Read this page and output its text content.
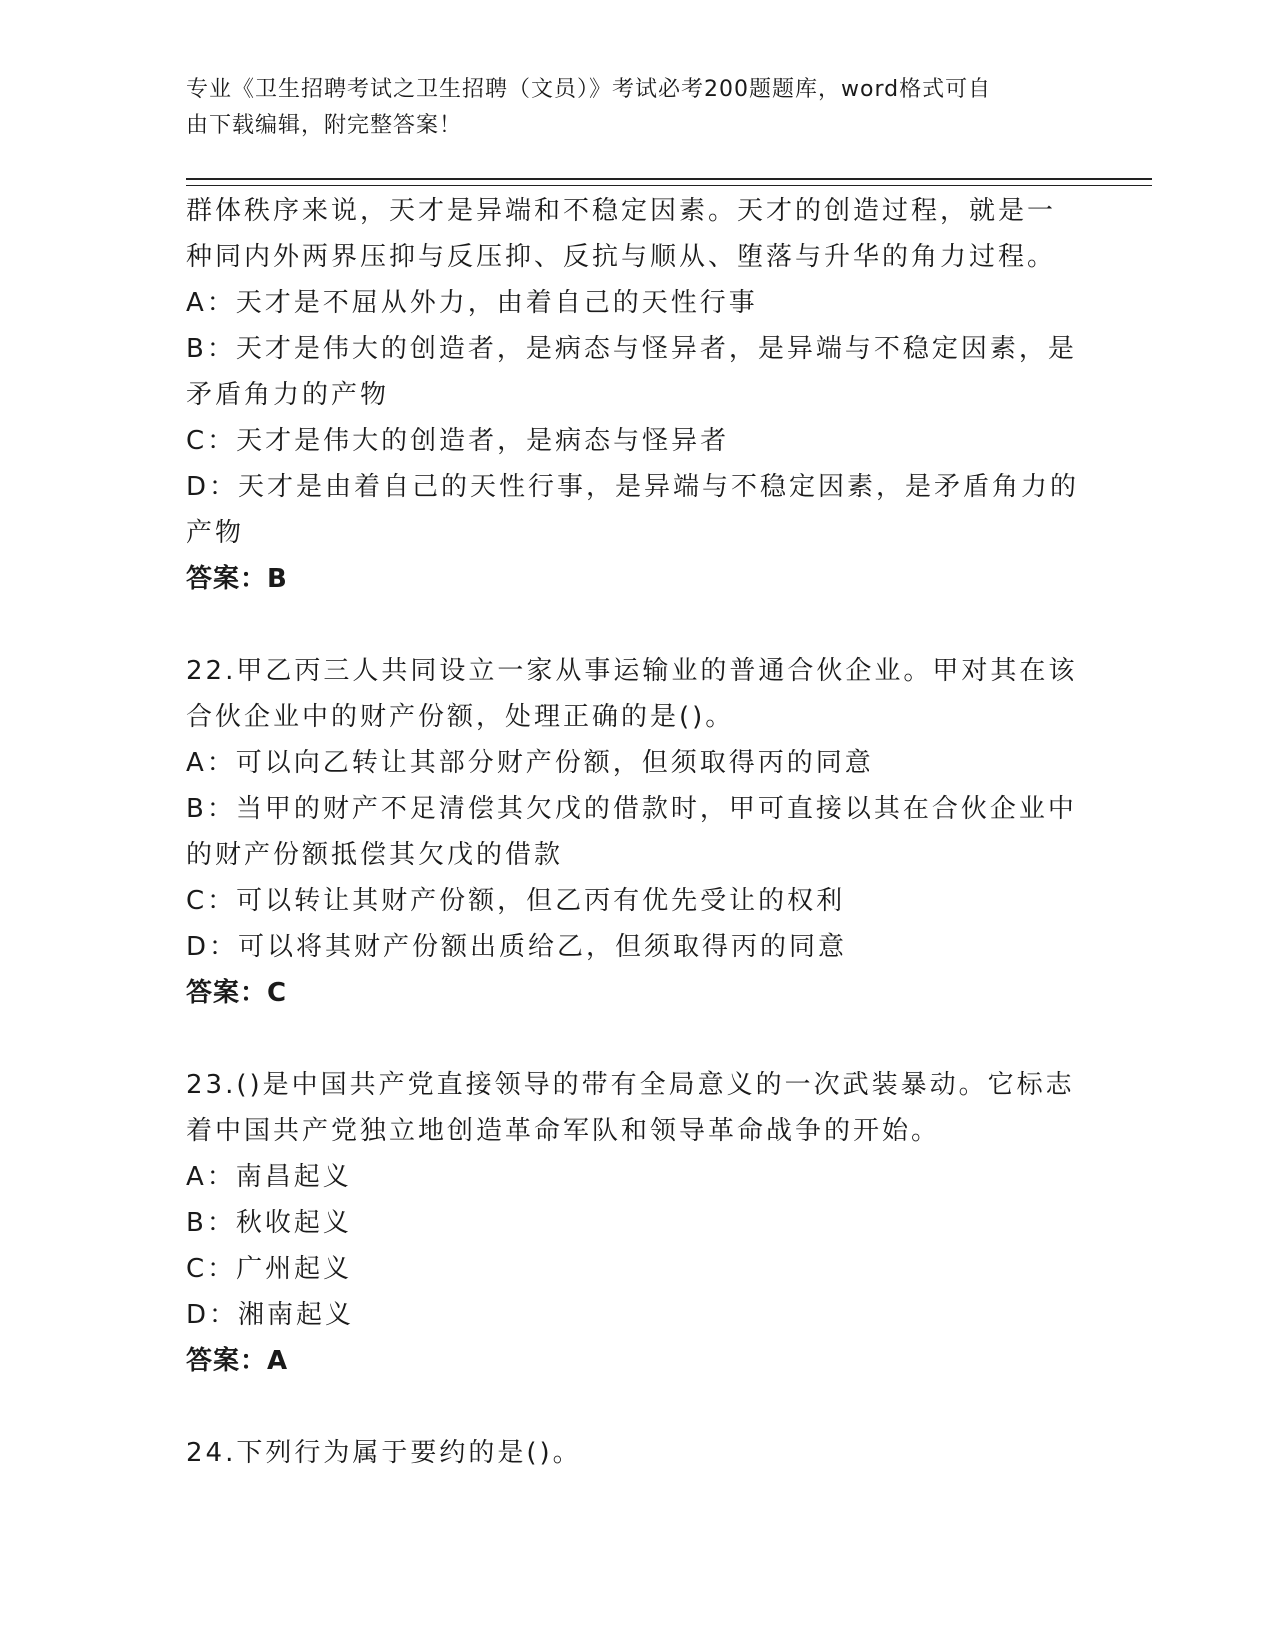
专业《卫生招聘考试之卫生招聘（文员）》考试必考200题题库，word格式可自
由下载编辑，附完整答案！
群体秩序来说，天才是异端和不稳定因素。天才的创造过程，就是一
种同内外两界压抑与反压抑、反抗与顺从、堕落与升华的角力过程。
A：天才是不屈从外力，由着自己的天性行事
B：天才是伟大的创造者，是病态与怪异者，是异端与不稳定因素，是
矛盾角力的产物
C：天才是伟大的创造者，是病态与怪异者
D：天才是由着自己的天性行事，是异端与不稳定因素，是矛盾角力的
产物
答案：B
22.甲乙丙三人共同设立一家从事运输业的普通合伙企业。甲对其在该
合伙企业中的财产份额，处理正确的是()。
A：可以向乙转让其部分财产份额，但须取得丙的同意
B：当甲的财产不足清偿其欠戊的借款时，甲可直接以其在合伙企业中
的财产份额抵偿其欠戊的借款
C：可以转让其财产份额，但乙丙有优先受让的权利
D：可以将其财产份额出质给乙，但须取得丙的同意
答案：C
23.()是中国共产党直接领导的带有全局意义的一次武装暴动。它标志
着中国共产党独立地创造革命军队和领导革命战争的开始。
A：南昌起义
B：秋收起义
C：广州起义
D：湘南起义
答案：A
24.下列行为属于要约的是()。
